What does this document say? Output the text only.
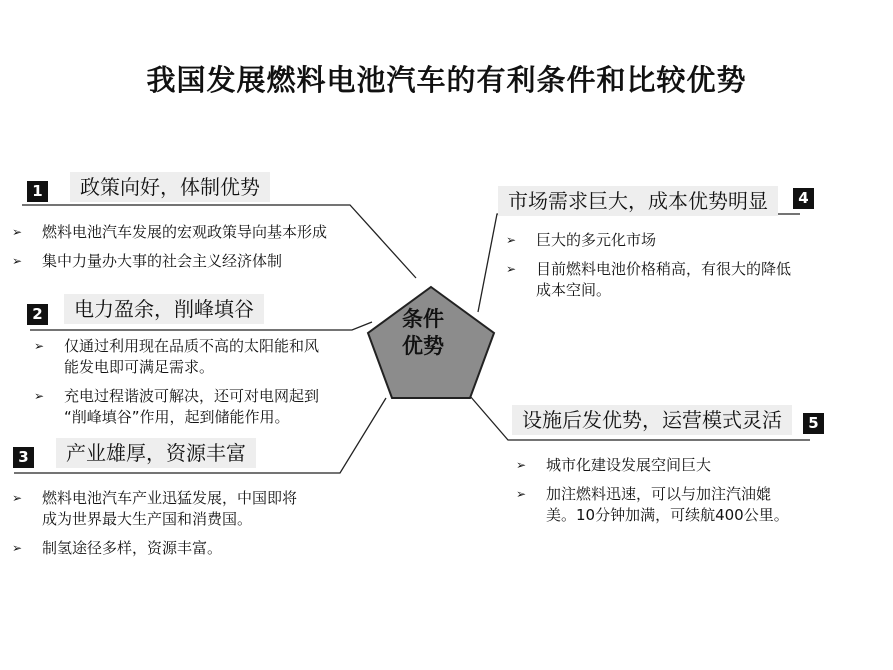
我国发展燃料电池汽车的有利条件和比较优势
条件
优势
1	政策向好，体制优势
➢ 燃料电池汽车发展的宏观政策导向基本形成
➢ 集中力量办大事的社会主义经济体制
2	电力盈余，削峰填谷
➢ 仅通过利用现在品质不高的太阳能和风
能发电即可满足需求。
➢ 充电过程谐波可解决，还可对电网起到
“削峰填谷”作用，起到储能作用。
3	产业雄厚，资源丰富
➢ 燃料电池汽车产业迅猛发展，中国即将
成为世界最大生产国和消费国。
➢ 制氢途径多样，资源丰富。
市场需求巨大，成本优势明显	4
➢ 巨大的多元化市场
➢ 目前燃料电池价格稍高，有很大的降低
成本空间。
设施后发优势，运营模式灵活	5
➢ 城市化建设发展空间巨大
➢ 加注燃料迅速，可以与加注汽油媲
美。10分钟加满，可续航400公里。
